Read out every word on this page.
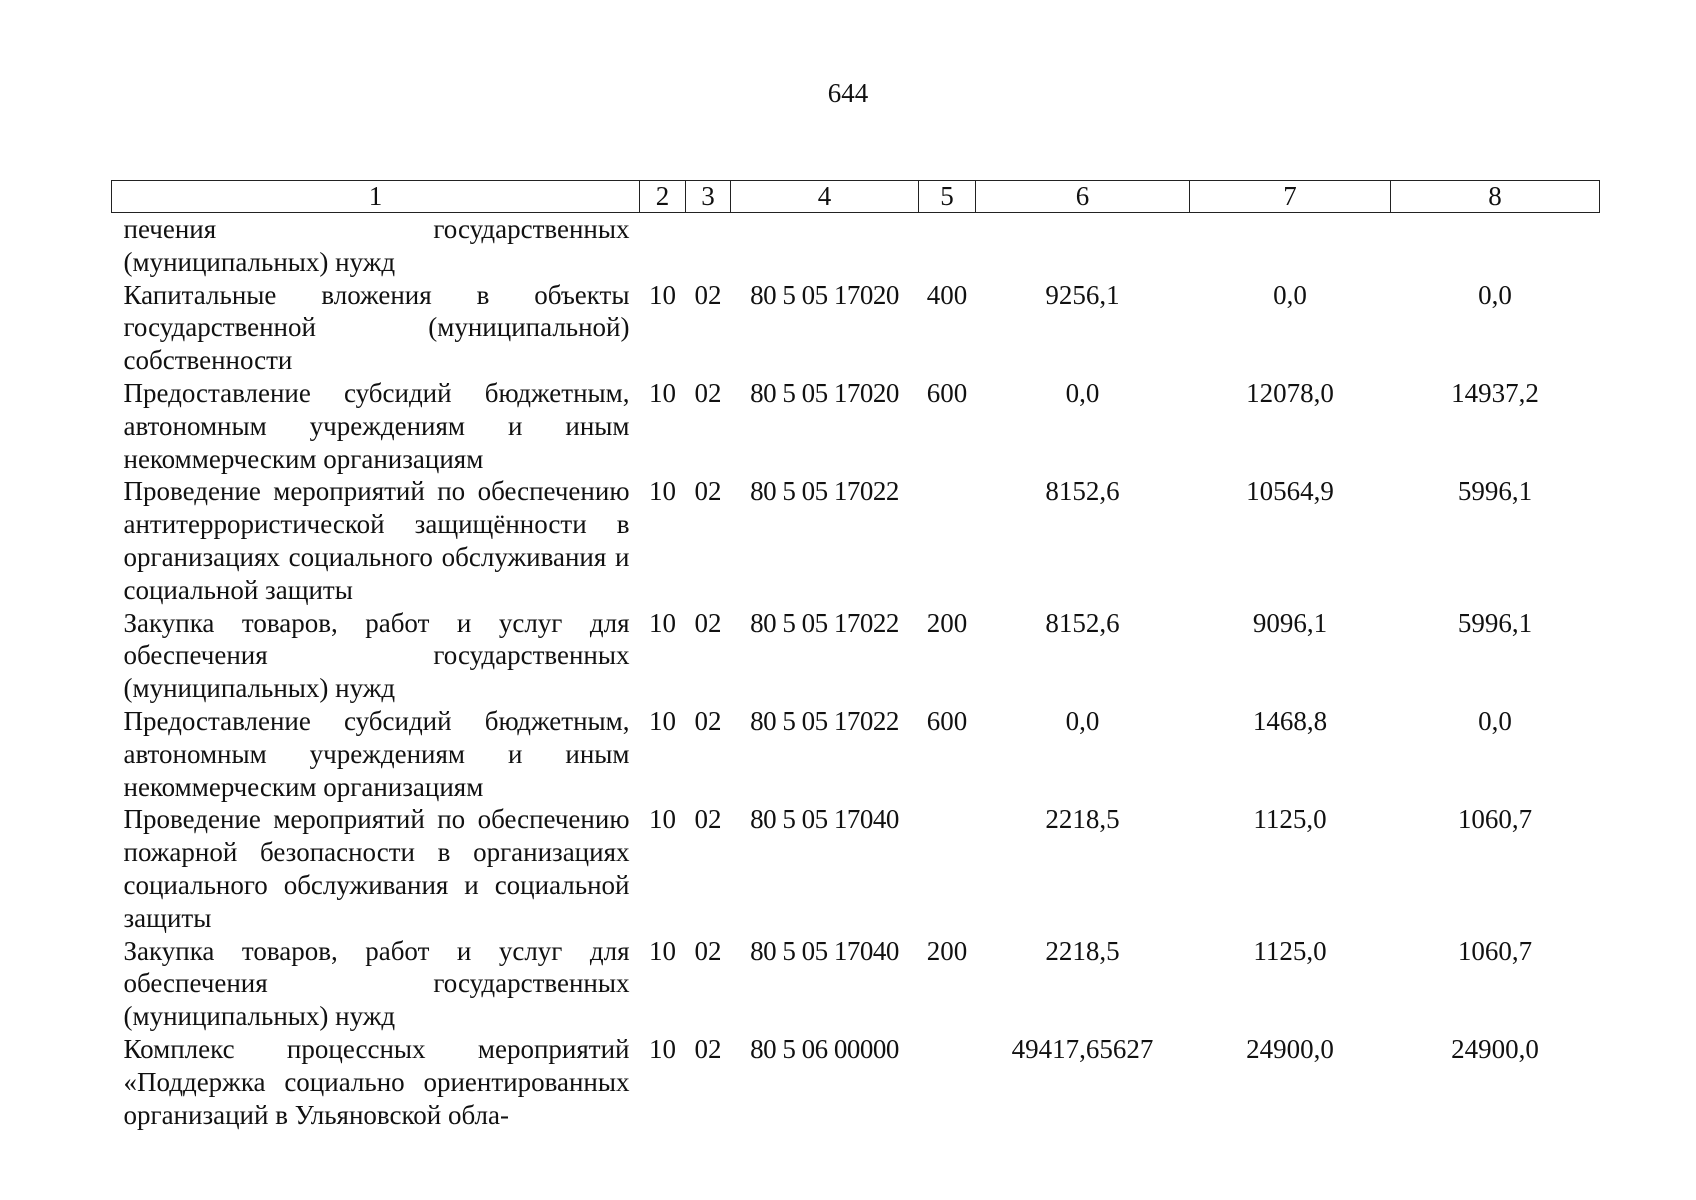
644
1	2	3	4	5	6	7	8
печения государственных (муниципальных) нужд							
Капитальные вложения в объекты государственной (муниципальной) собственности	10	02	80 5 05 17020	400	9256,1	0,0	0,0
Предоставление субсидий бюджетным, автономным учреждениям и иным некоммерческим организациям	10	02	80 5 05 17020	600	0,0	12078,0	14937,2
Проведение мероприятий по обеспечению антитеррористической защищённости в организациях социального обслуживания и социальной защиты	10	02	80 5 05 17022		8152,6	10564,9	5996,1
Закупка товаров, работ и услуг для обеспечения государственных (муниципальных) нужд	10	02	80 5 05 17022	200	8152,6	9096,1	5996,1
Предоставление субсидий бюджетным, автономным учреждениям и иным некоммерческим организациям	10	02	80 5 05 17022	600	0,0	1468,8	0,0
Проведение мероприятий по обеспечению пожарной безопасности в организациях социального обслуживания и социальной защиты	10	02	80 5 05 17040		2218,5	1125,0	1060,7
Закупка товаров, работ и услуг для обеспечения государственных (муниципальных) нужд	10	02	80 5 05 17040	200	2218,5	1125,0	1060,7
Комплекс процессных мероприятий «Поддержка социально ориентированных организаций в Ульяновской обла-	10	02	80 5 06 00000		49417,65627	24900,0	24900,0
